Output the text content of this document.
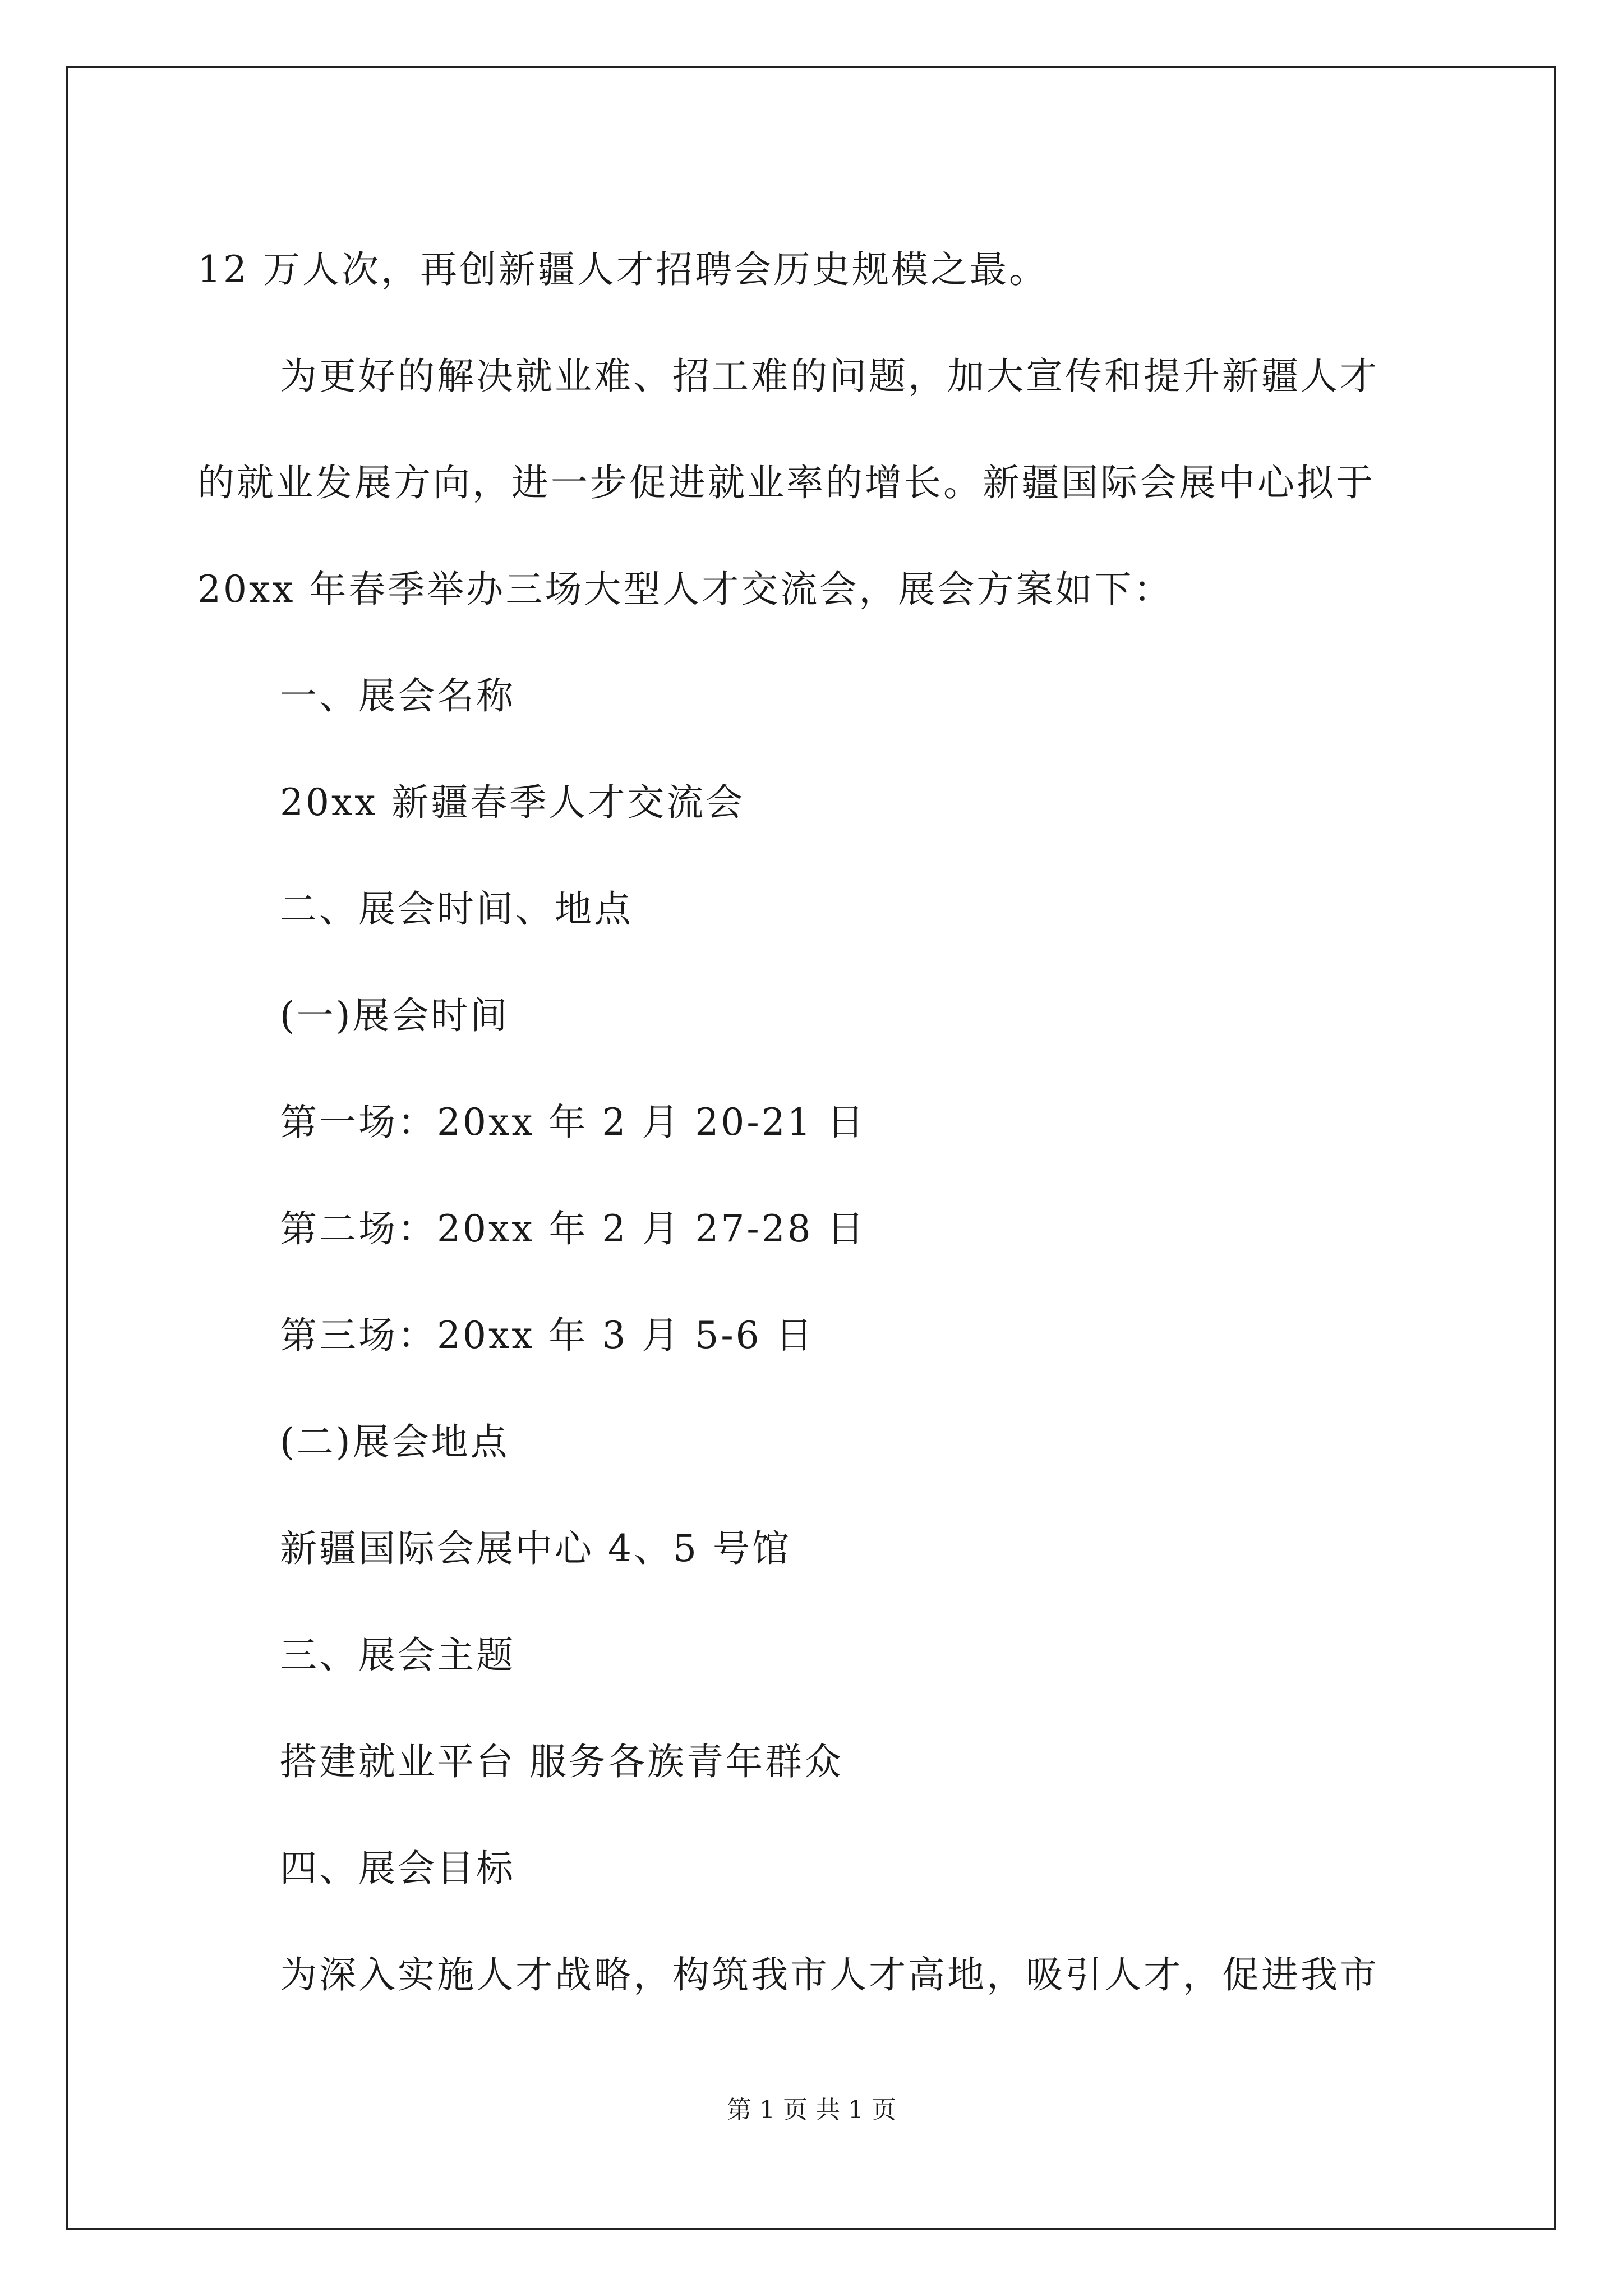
12 万人次，再创新疆人才招聘会历史规模之最。
为更好的解决就业难、招工难的问题，加大宣传和提升新疆人才
的就业发展方向，进一步促进就业率的增长。新疆国际会展中心拟于
20xx 年春季举办三场大型人才交流会，展会方案如下：
一、展会名称
20xx 新疆春季人才交流会
二、展会时间、地点
(一)展会时间
第一场：20xx 年 2 月 20-21 日
第二场：20xx 年 2 月 27-28 日
第三场：20xx 年 3 月 5-6 日
(二)展会地点
新疆国际会展中心 4、5 号馆
三、展会主题
搭建就业平台 服务各族青年群众
四、展会目标
为深入实施人才战略，构筑我市人才高地，吸引人才，促进我市
第 1 页 共 1 页
